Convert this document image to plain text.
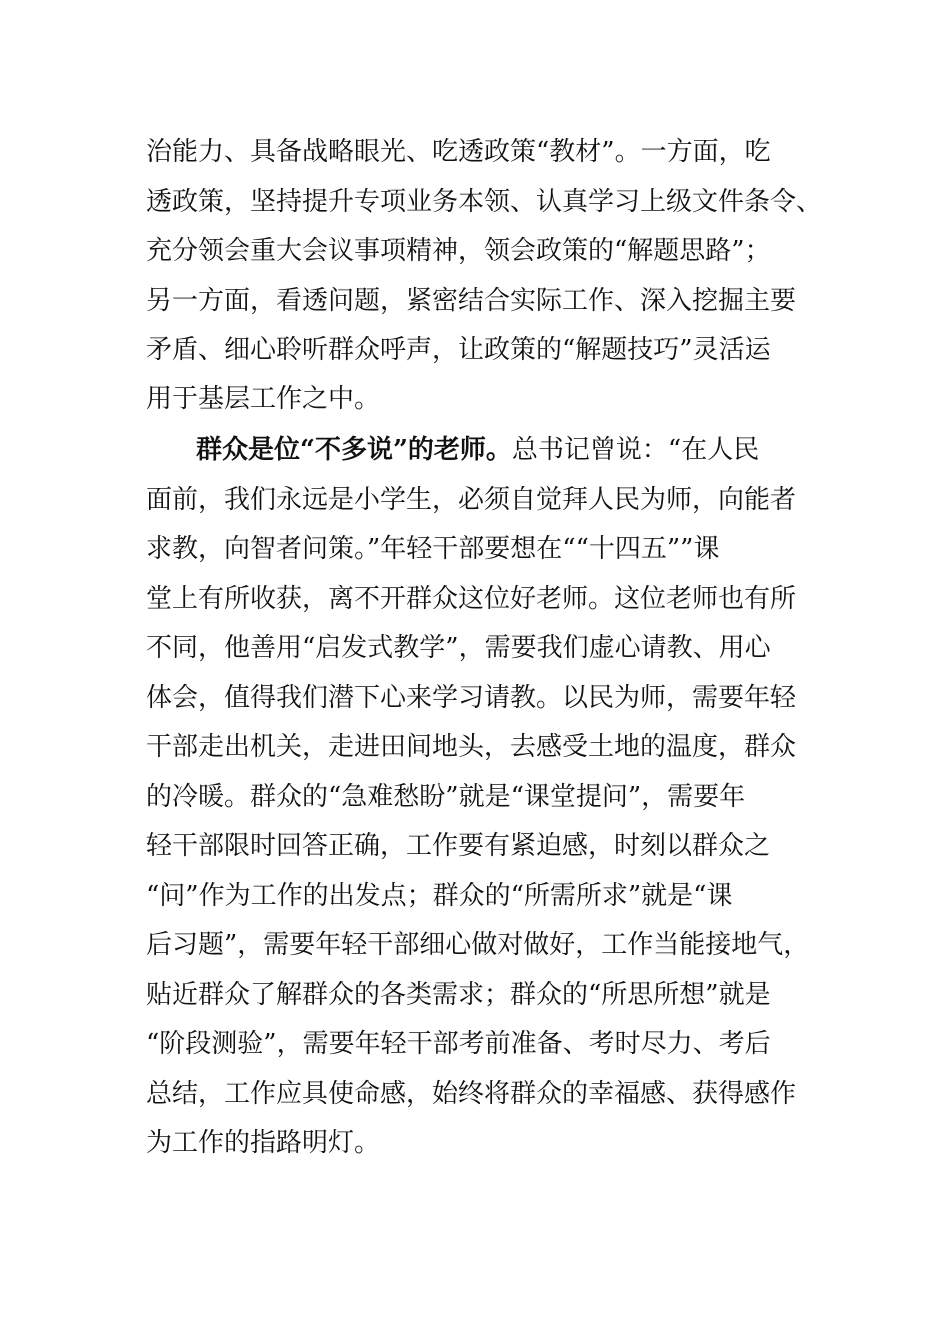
治能力、具备战略眼光、吃透政策“教材”。一方面，吃
透政策，坚持提升专项业务本领、认真学习上级文件条令、
充分领会重大会议事项精神，领会政策的“解题思路”；
另一方面，看透问题，紧密结合实际工作、深入挖掘主要
矛盾、细心聆听群众呼声，让政策的“解题技巧”灵活运
用于基层工作之中。
群众是位“不多说”的老师。总书记曾说：“在人民
面前，我们永远是小学生，必须自觉拜人民为师，向能者
求教，向智者问策。”年轻干部要想在““十四五””课
堂上有所收获，离不开群众这位好老师。这位老师也有所
不同，他善用“启发式教学”，需要我们虚心请教、用心
体会，值得我们潜下心来学习请教。以民为师，需要年轻
干部走出机关，走进田间地头，去感受土地的温度，群众
的冷暖。群众的“急难愁盼”就是“课堂提问”，需要年
轻干部限时回答正确，工作要有紧迫感，时刻以群众之
“问”作为工作的出发点；群众的“所需所求”就是“课
后习题”，需要年轻干部细心做对做好，工作当能接地气，
贴近群众了解群众的各类需求；群众的“所思所想”就是
“阶段测验”，需要年轻干部考前准备、考时尽力、考后
总结，工作应具使命感，始终将群众的幸福感、获得感作
为工作的指路明灯。
